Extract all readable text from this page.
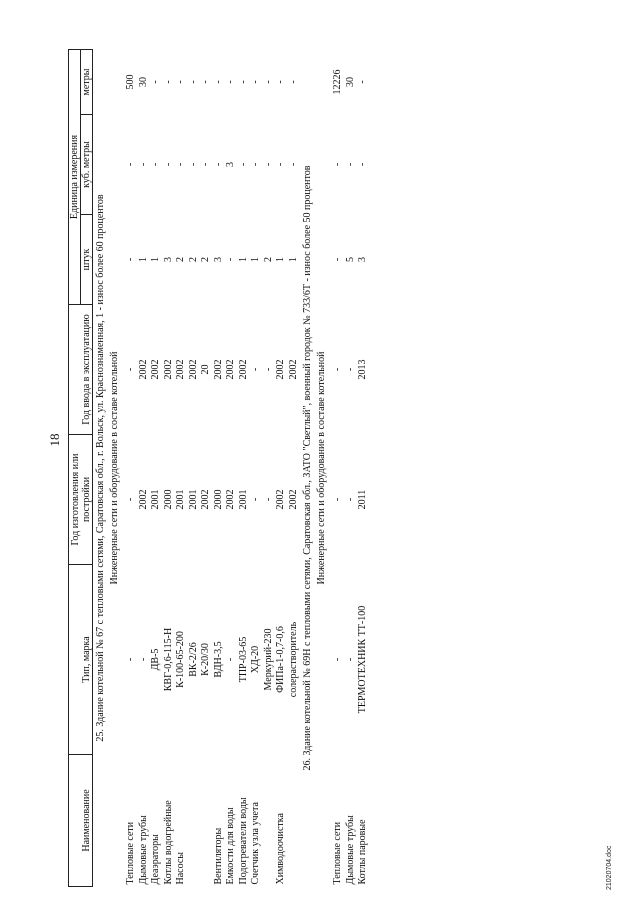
18
21020704.doc
Наименование	Тип, марка	Год изготовления или постройки	Год ввода в эксплуатацию	Единица измерения		
				штук	куб. метры	метры
25. Здание котельной № 67 с тепловыми сетями, Саратовская обл., г. Вольск, ул. Краснознаменная, 1 - износ более 60 процентов						
Инженерные сети и оборудование в составе котельной						

Тепловые сети	-	-	-	-	-	500
Дымовые трубы	-	2002	2002	1	-	30
Деаэраторы	ДВ-5	2001	2002	1	-	-
Котлы водогрейные	КВГ-0,6-115-Н	2000	2002	3	-	-
Насосы	К-100-65-200	2001	2002	2	-	-
	ВК-2/26	2001	2002	2	-	-
	К-20/30	2002	20	2	-	-
Вентиляторы	ВДН-3,5	2000	2002	3	-	-
Емкости для воды	-	2002	2002	-	3	-
Подогреватели воды	ТПР-03-65	2001	2002	1	-	-
Счетчик узла учета	ХД-20	-	-	1	-	-
	Меркурий-230	-	-	2	-	-
Химводоочистка	ФИПа-1-0,7-0,6	2002	2002	1	-	-
	солерастворитель	2002	2002	1	-	-
26. Здание котельной № 69Н с тепловыми сетями, Саратовская обл., ЗАТО "Светлый", военный городок № 733/6Т - износ более 50 процентов						
Инженерные сети и оборудование в составе котельной						

Тепловые сети	-	-	-	-	-	12226
Дымовые трубы	-	-	-	5	-	30
Котлы паровые	ТЕРМОТЕХНИК ТТ-100	2011	2013	3	-	-
